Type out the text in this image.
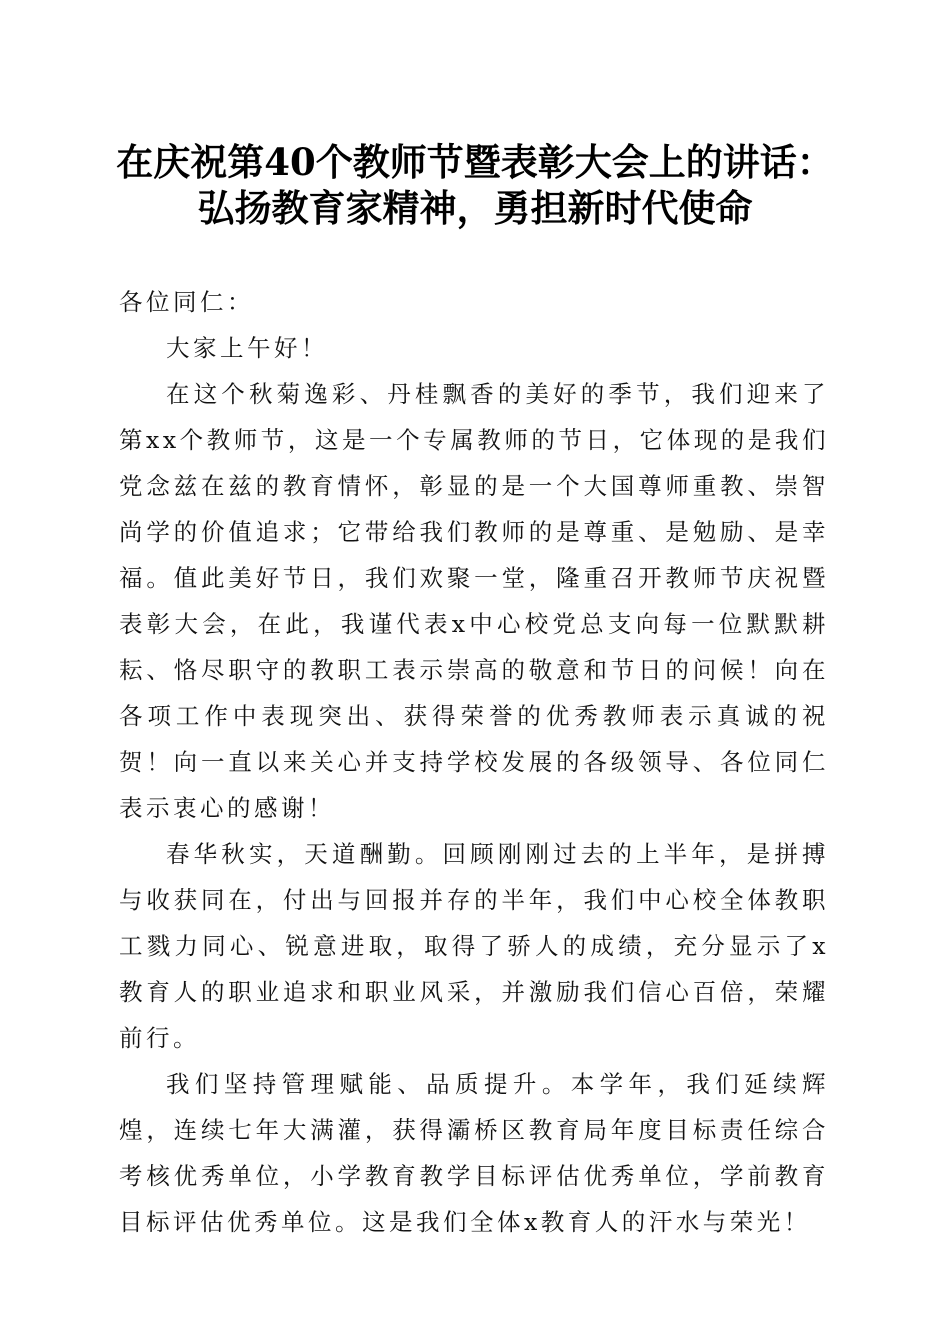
在庆祝第40个教师节暨表彰大会上的讲话：
弘扬教育家精神，勇担新时代使命

各位同仁：

大家上午好！

在这个秋菊逸彩、丹桂飘香的美好的季节，我们迎来了第xx个教师节，这是一个专属教师的节日，它体现的是我们党念兹在兹的教育情怀，彰显的是一个大国尊师重教、崇智尚学的价值追求；它带给我们教师的是尊重、是勉励、是幸福。值此美好节日，我们欢聚一堂，隆重召开教师节庆祝暨表彰大会，在此，我谨代表x中心校党总支向每一位默默耕耘、恪尽职守的教职工表示崇高的敬意和节日的问候！向在各项工作中表现突出、获得荣誉的优秀教师表示真诚的祝贺！向一直以来关心并支持学校发展的各级领导、各位同仁表示衷心的感谢！

春华秋实，天道酬勤。回顾刚刚过去的上半年，是拼搏与收获同在，付出与回报并存的半年，我们中心校全体教职工戮力同心、锐意进取，取得了骄人的成绩，充分显示了x教育人的职业追求和职业风采，并激励我们信心百倍，荣耀前行。

我们坚持管理赋能、品质提升。本学年，我们延续辉煌，连续七年大满灌，获得灞桥区教育局年度目标责任综合考核优秀单位，小学教育教学目标评估优秀单位，学前教育目标评估优秀单位。这是我们全体x教育人的汗水与荣光！
